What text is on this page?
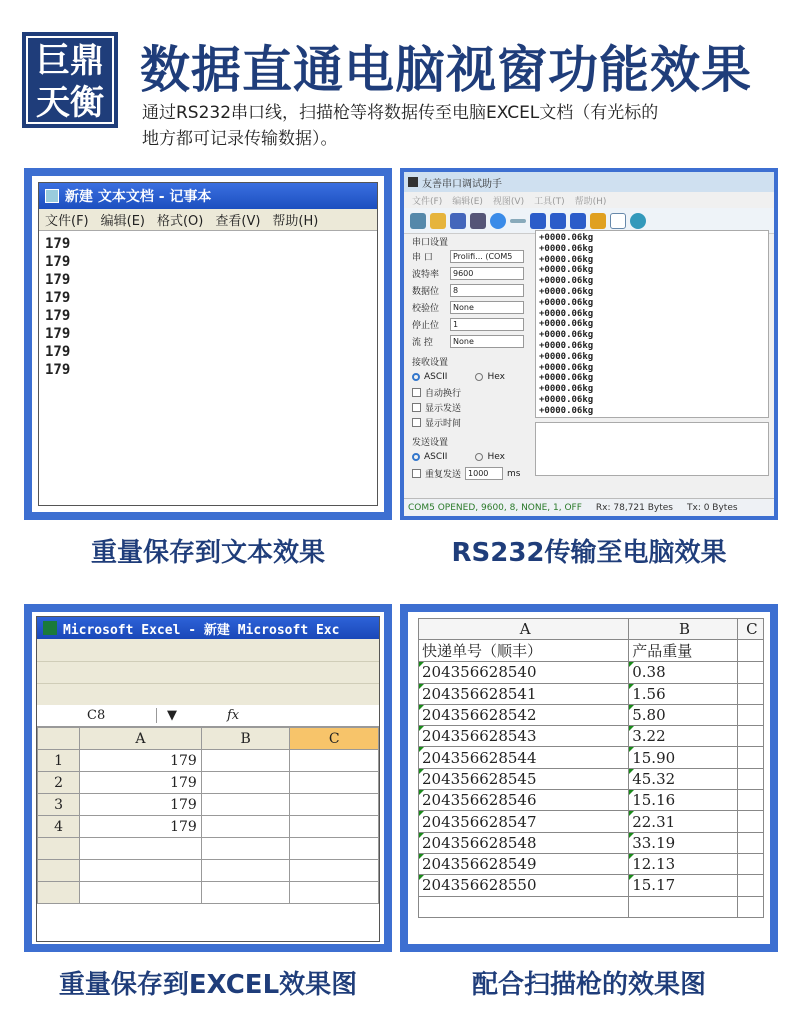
巨鼎
天衡
数据直通电脑视窗功能效果
通过RS232串口线，扫描枪等将数据传至电脑EXCEL文档（有光标的地方都可记录传输数据）。
新建 文本文档 - 记事本
文件(F) 编辑(E) 格式(O) 查看(V) 帮助(H)
179
179
179
179
179
179
179
179
重量保存到文本效果
友善串口调试助手
文件(F) 编辑(E) 视图(V) 工具(T) 帮助(H)
串口设置
串 口	Prolifi... (COM5
波特率	9600
数据位	8
校验位	None
停止位	1
流 控	None
接收设置
ASCII	Hex
自动换行
显示发送
显示时间
发送设置
ASCII	Hex
重复发送 1000	ms
+0000.06kg
+0000.06kg
+0000.06kg
+0000.06kg
+0000.06kg
+0000.06kg
+0000.06kg
+0000.06kg
+0000.06kg
+0000.06kg
+0000.06kg
+0000.06kg
+0000.06kg
+0000.06kg
+0000.06kg
+0000.06kg
+0000.06kg
COM5 OPENED, 9600, 8, NONE, 1, OFF Rx: 78,721 Bytes Tx: 0 Bytes
RS232传输至电脑效果
Microsoft Excel - 新建 Microsoft Exc
C8	▼	fx
	A	B	C
1	179		
2	179		
3	179		
4	179		

重量保存到EXCEL效果图
A	B	C
快递单号（顺丰）	产品重量	
204356628540	0.38	
204356628541	1.56	
204356628542	5.80	
204356628543	3.22	
204356628544	15.90	
204356628545	45.32	
204356628546	15.16	
204356628547	22.31	
204356628548	33.19	
204356628549	12.13	
204356628550	15.17	

配合扫描枪的效果图
